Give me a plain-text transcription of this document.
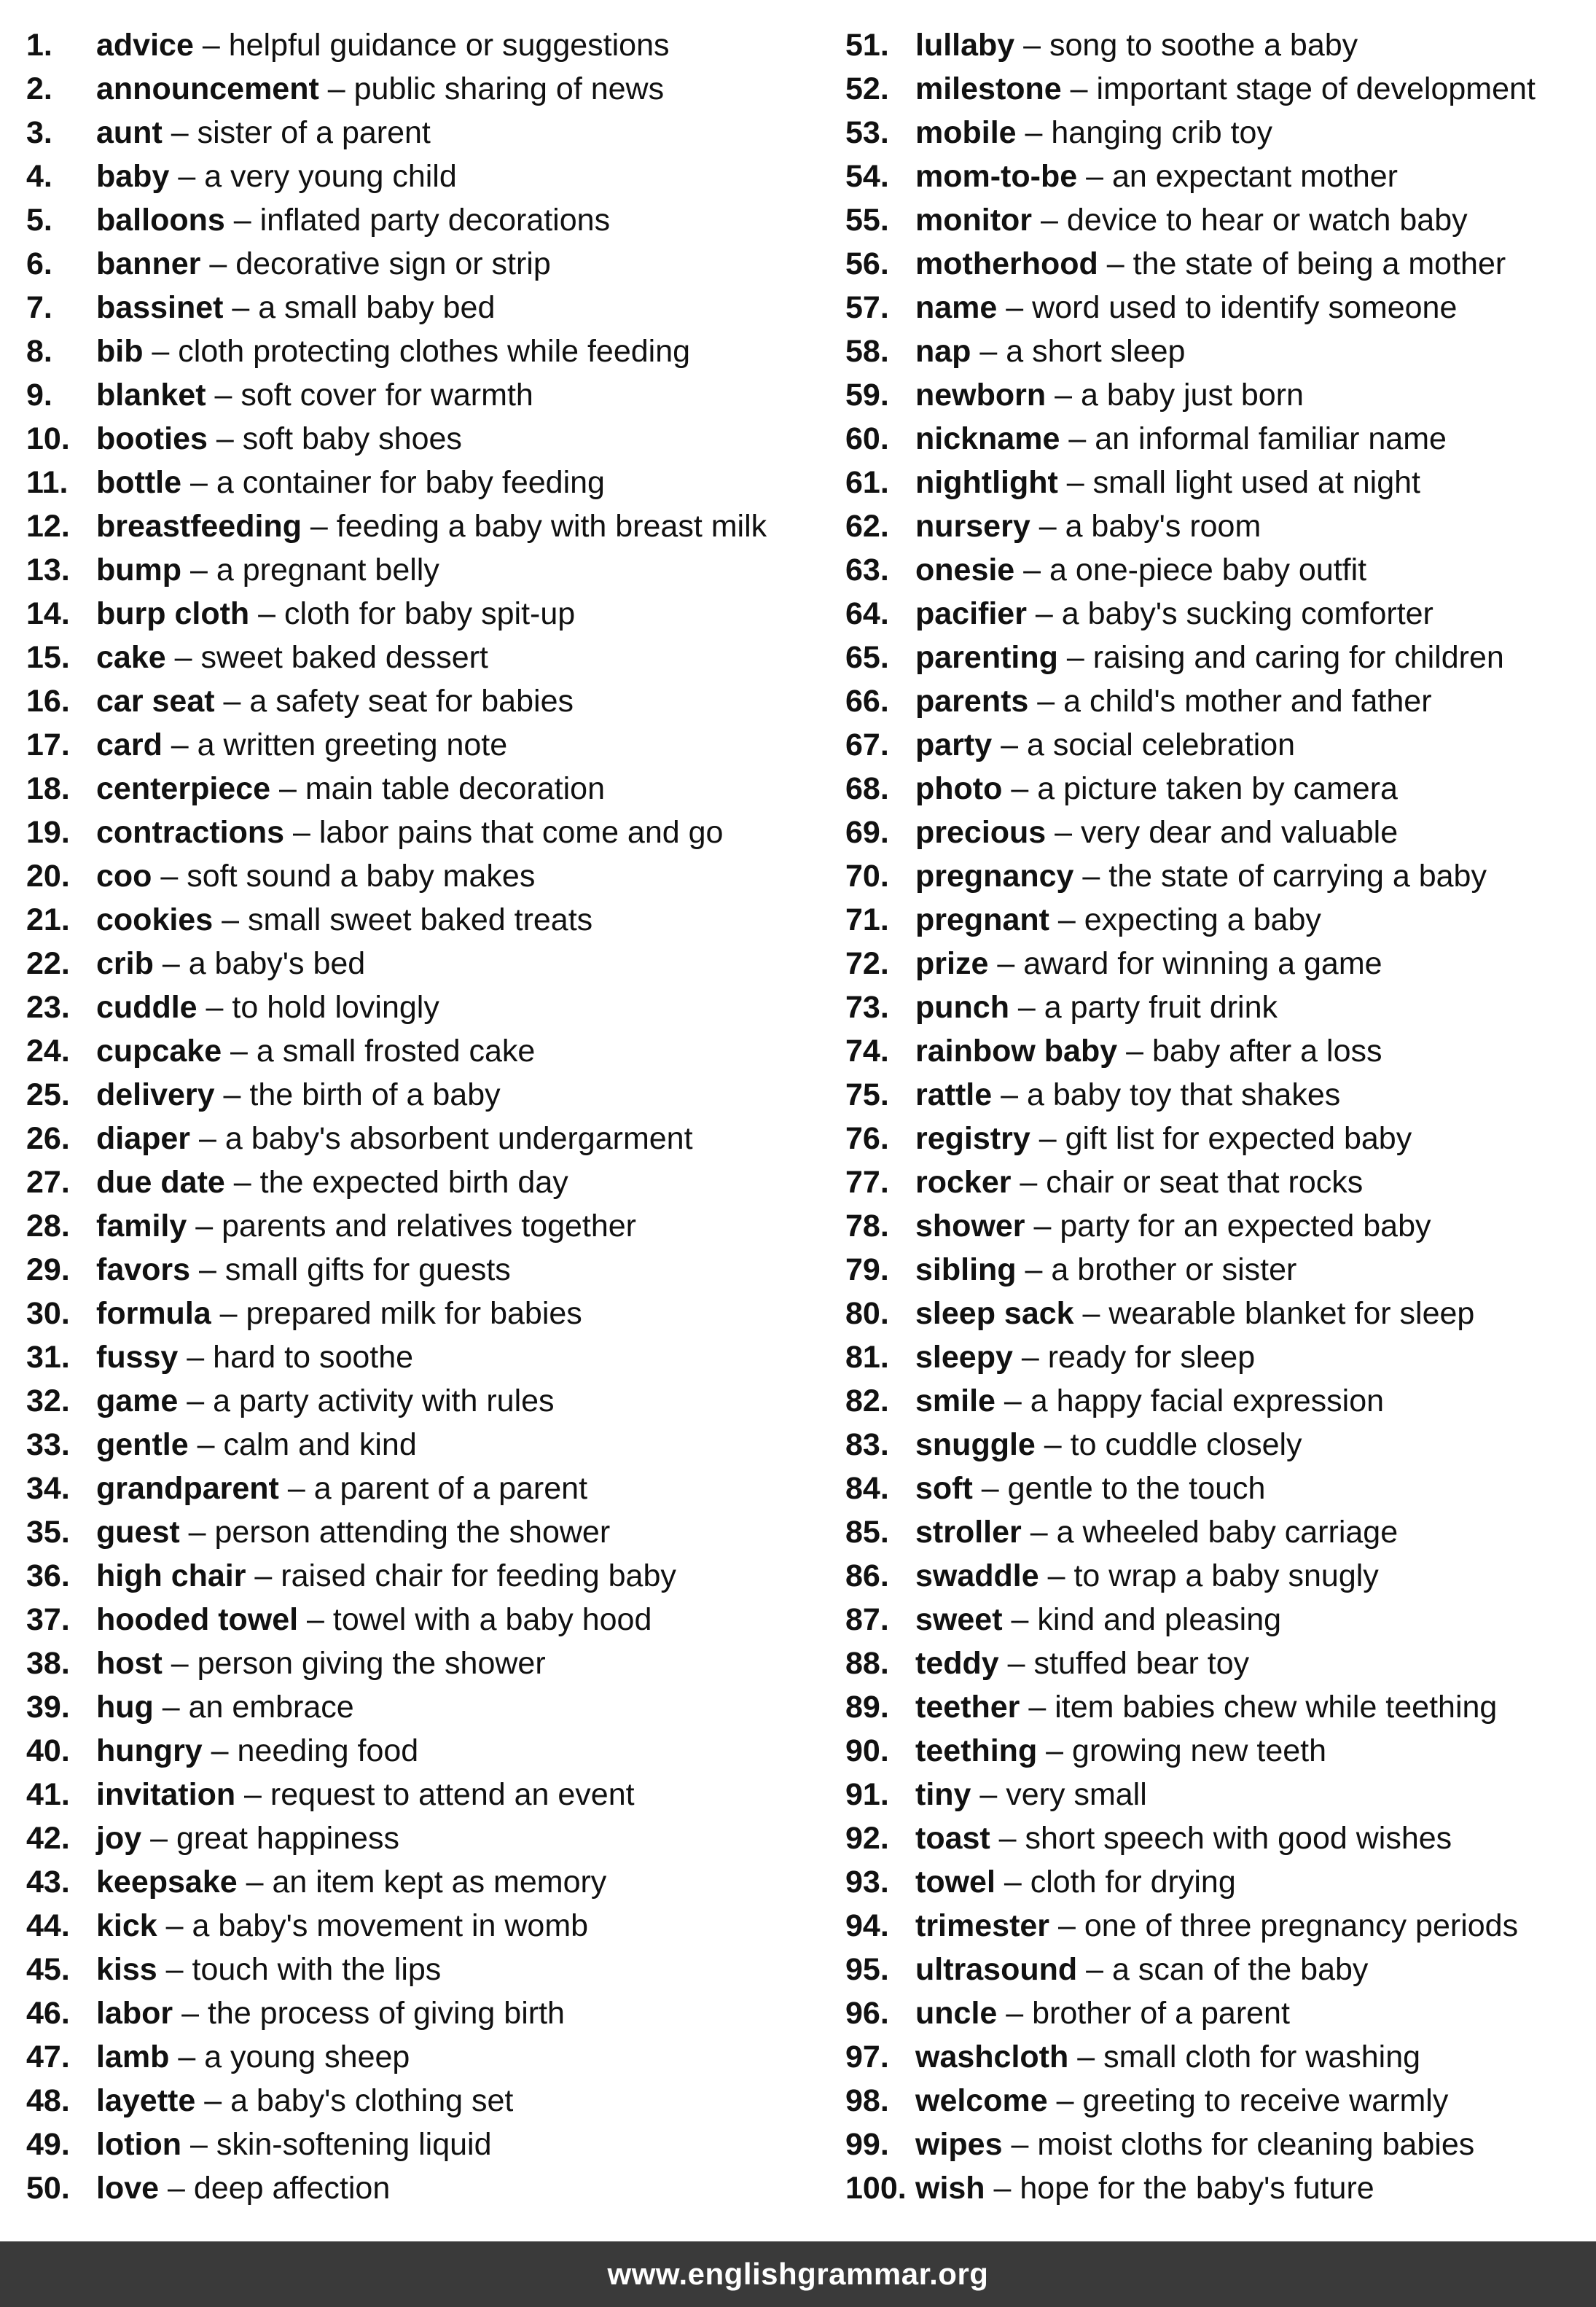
1.	advice – helpful guidance or suggestions
2.	announcement – public sharing of news
3.	aunt – sister of a parent
4.	baby – a very young child
5.	balloons – inflated party decorations
6.	banner – decorative sign or strip
7.	bassinet – a small baby bed
8.	bib – cloth protecting clothes while feeding
9.	blanket – soft cover for warmth
10. booties – soft baby shoes
11. bottle – a container for baby feeding
12. breastfeeding – feeding a baby with breast milk
13. bump – a pregnant belly
14. burp cloth – cloth for baby spit-up
15. cake – sweet baked dessert
16. car seat – a safety seat for babies
17. card – a written greeting note
18. centerpiece – main table decoration
19. contractions – labor pains that come and go
20. coo – soft sound a baby makes
21. cookies – small sweet baked treats
22. crib – a baby's bed
23. cuddle – to hold lovingly
24. cupcake – a small frosted cake
25. delivery – the birth of a baby
26. diaper – a baby's absorbent undergarment
27. due date – the expected birth day
28. family – parents and relatives together
29. favors – small gifts for guests
30. formula – prepared milk for babies
31. fussy – hard to soothe
32. game – a party activity with rules
33. gentle – calm and kind
34. grandparent – a parent of a parent
35. guest – person attending the shower
36. high chair – raised chair for feeding baby
37. hooded towel – towel with a baby hood
38. host – person giving the shower
39. hug – an embrace
40. hungry – needing food
41. invitation – request to attend an event
42. joy – great happiness
43. keepsake – an item kept as memory
44. kick – a baby's movement in womb
45. kiss – touch with the lips
46. labor – the process of giving birth
47. lamb – a young sheep
48. layette – a baby's clothing set
49. lotion – skin-softening liquid
50. love – deep affection
51. lullaby – song to soothe a baby
52. milestone – important stage of development
53. mobile – hanging crib toy
54. mom-to-be – an expectant mother
55. monitor – device to hear or watch baby
56. motherhood – the state of being a mother
57. name – word used to identify someone
58. nap – a short sleep
59. newborn – a baby just born
60. nickname – an informal familiar name
61. nightlight – small light used at night
62. nursery – a baby's room
63. onesie – a one-piece baby outfit
64. pacifier – a baby's sucking comforter
65. parenting – raising and caring for children
66. parents – a child's mother and father
67. party – a social celebration
68. photo – a picture taken by camera
69. precious – very dear and valuable
70. pregnancy – the state of carrying a baby
71. pregnant – expecting a baby
72. prize – award for winning a game
73. punch – a party fruit drink
74. rainbow baby – baby after a loss
75. rattle – a baby toy that shakes
76. registry – gift list for expected baby
77. rocker – chair or seat that rocks
78. shower – party for an expected baby
79. sibling – a brother or sister
80. sleep sack – wearable blanket for sleep
81. sleepy – ready for sleep
82. smile – a happy facial expression
83. snuggle – to cuddle closely
84. soft – gentle to the touch
85. stroller – a wheeled baby carriage
86. swaddle – to wrap a baby snugly
87. sweet – kind and pleasing
88. teddy – stuffed bear toy
89. teether – item babies chew while teething
90. teething – growing new teeth
91. tiny – very small
92. toast – short speech with good wishes
93. towel – cloth for drying
94. trimester – one of three pregnancy periods
95. ultrasound – a scan of the baby
96. uncle – brother of a parent
97. washcloth – small cloth for washing
98. welcome – greeting to receive warmly
99. wipes – moist cloths for cleaning babies
100. wish – hope for the baby's future
www.englishgrammar.org
